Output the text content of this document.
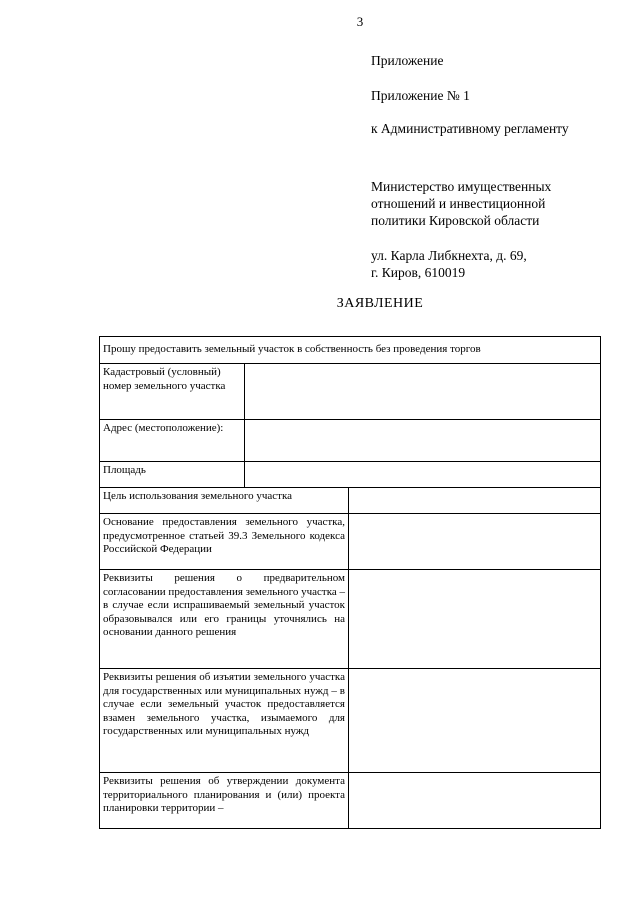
3

Приложение

Приложение № 1

к Административному регламенту

Министерство имущественных

отношений и инвестиционной

политики Кировской области

ул. Карла Либкнехта, д. 69,

г. Киров, 610019

ЗАЯВЛЕНИЕ
Прошу предоставить земельный участок в собственность без проведения торгов		
Кадастровый (условный) номер земельного участка		
Адрес (местоположение):		
Площадь		
Цель использования земельного участка		
Основание предоставления земельного участка, предусмотренное статьей 39.3 Земельного кодекса Российской Федерации		
Реквизиты решения о предварительном согласовании предоставления земельного участка – в случае если испрашиваемый земельный участок образовывался или его границы уточнялись на основании данного решения		
Реквизиты решения об изъятии земельного участка для государственных или муниципальных нужд – в случае если земельный участок предоставляется взамен земельного участка, изымаемого для государственных или муниципальных нужд		
Реквизиты решения об утверждении документа территориального планирования и (или) проекта планировки территории –		
